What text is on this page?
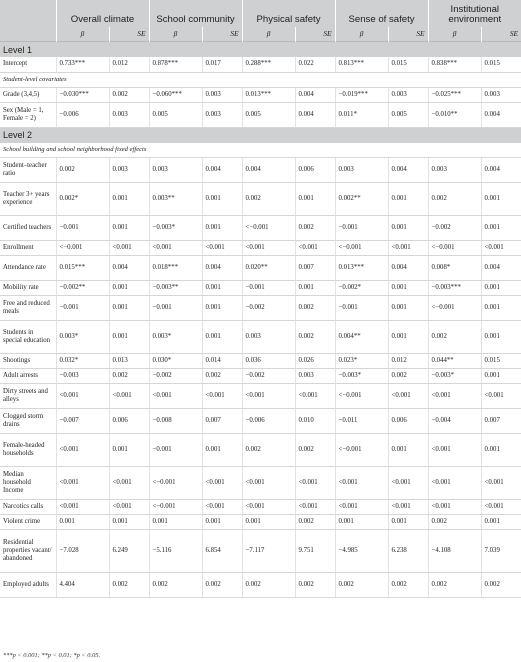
	Overall climate		School community		Physical safety		Sense of safety		Institutional environment	
	β	SE	β	SE	β	SE	β	SE	β	SE
Level 1										
Intercept	0.733***	0.012	0.878***	0.017	0.288***	0.022	0.813***	0.015	0.838***	0.015
Student-level covariates										
Grade (3,4,5)	−0.030***	0.002	−0.060***	0.003	0.013***	0.004	−0.019***	0.003	−0.025***	0.003
Sex (Male = 1, Female = 2)	−0.006	0.003	0.005	0.003	0.005	0.004	0.011*	0.005	−0.010**	0.004
Level 2										
School building and school neighborhood fixed effects										
Student–teacher ratio	0.002	0.003	0.003	0.004	0.004	0.006	0.003	0.004	0.003	0.004
Teacher 3+ years experience	0.002*	0.001	0.003**	0.001	0.002	0.001	0.002**	0.001	0.002	0.001
Certified teachers	−0.001	0.001	−0.003*	0.001	<−0.001	0.002	−0.001	0.001	−0.002	0.001
Enrollment	<−0.001	<0.001	<0.001	<0.001	<0.001	<0.001	<−0.001	<0.001	<−0.001	<0.001
Attendance rate	0.015***	0.004	0.018***	0.004	0.020**	0.007	0.013***	0.004	0.008*	0.004
Mobility rate	−0.002**	0.001	−0.003**	0.001	−0.001	0.001	−0.002*	0.001	−0.003***	0.001
Free and reduced meals	−0.001	0.001	−0.001	0.001	−0.002	0.002	−0.001	0.001	<−0.001	0.001
Students in special education	0.003*	0.001	0.003*	0.001	0.003	0.002	0.004**	0.001	0.002	0.001
Shootings	0.032*	0.013	0.030*	0.014	0.036	0.026	0.023*	0.012	0.044**	0.015
Adult arrests	−0.003	0.002	−0.002	0.002	−0.002	0.003	−0.003*	0.002	−0.003*	0.001
Dirty streets and alleys	<0.001	<0.001	<0.001	<0.001	<0.001	<0.001	<−0.001	<0.001	<0.001	<0.001
Clogged storm drains	−0.007	0.006	−0.008	0.007	−0.006	0.010	−0.011	0.006	−0.004	0.007
Female-headed households	<0.001	0.001	−0.001	0.001	0.002	0.002	<−0.001	0.001	<0.001	0.001
Median household Income	<0.001	<0.001	<−0.001	<0.001	<0.001	<0.001	<0.001	<0.001	<0.001	<0.001
Narcotics calls	<0.001	<0.001	<−0.001	<0.001	<0.001	<0.001	<0.001	<0.001	<0.001	<0.001
Violent crime	0.001	0.001	0.001	0.001	0.001	0.002	0.001	0.001	0.002	0.001
Residential properties vacant/ abandoned	−7.028	6.249	−5.116	6.854	−7.117	9.751	−4.985	6.238	−4.108	7.039
Employed adults	4.404	0.002	0.002	0.002	0.002	0.002	0.002	0.002	0.002	0.002
***p < 0.001; **p < 0.01; *p < 0.05.
